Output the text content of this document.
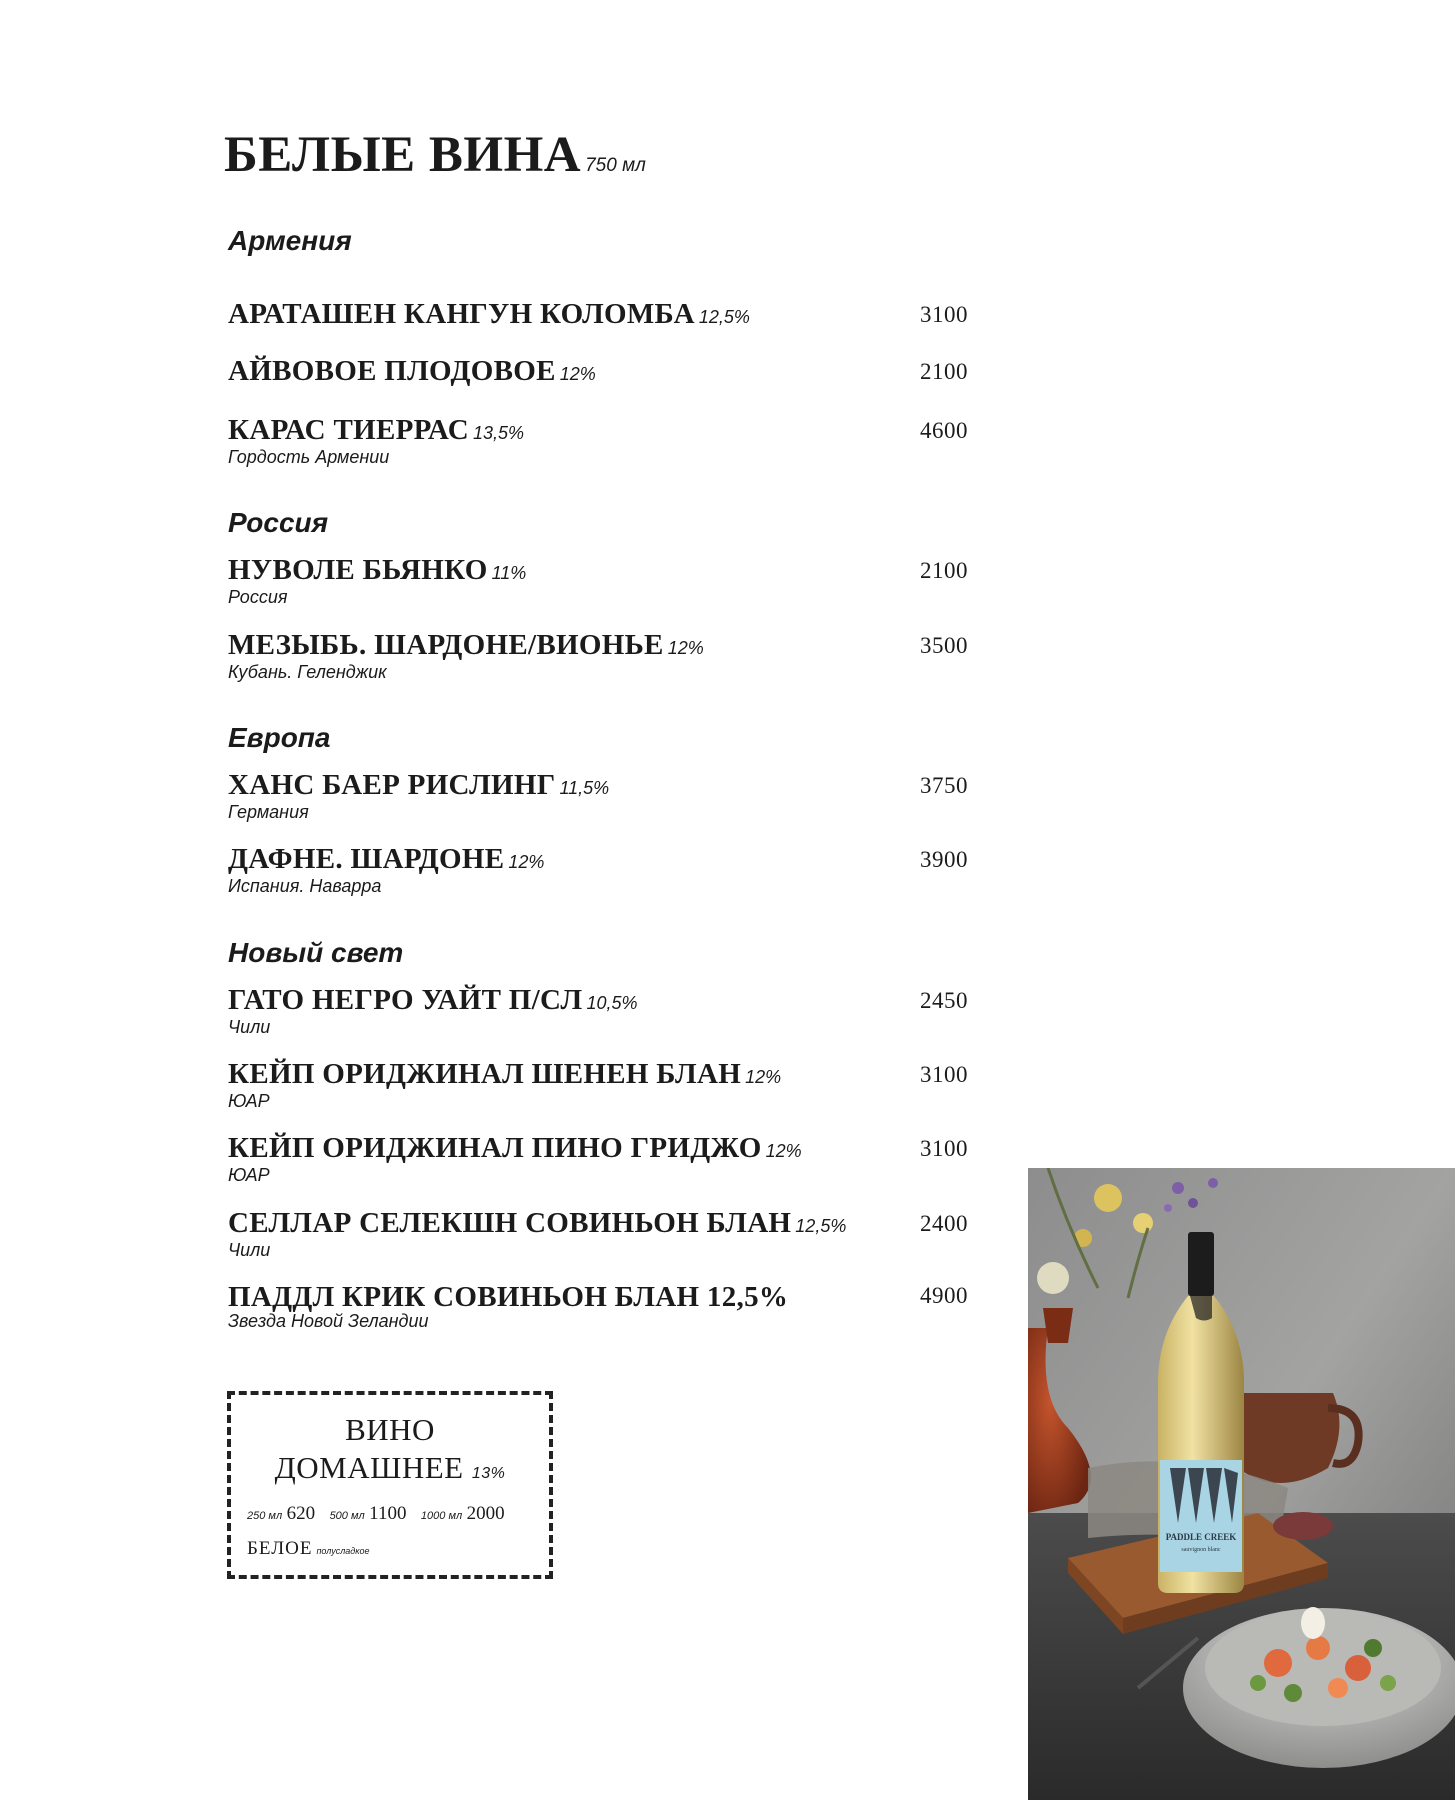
БЕЛЫЕ ВИНА 750 мл
Армения
АРАТАШЕН КАНГУН КОЛОМБА 12,5%	3100
АЙВОВОЕ ПЛОДОВОЕ 12%	2100
КАРАС ТИЕРРАС 13,5%
Гордость Армении
4600
Россия
НУВОЛЕ БЬЯНКО 11%
Россия
2100
МЕЗЫБЬ. ШАРДОНЕ/ВИОНЬЕ 12%
Кубань. Геленджик
3500
Европа
ХАНС БАЕР РИСЛИНГ 11,5%
Германия
3750
ДАФНЕ. ШАРДОНЕ 12%
Испания. Наварра
3900
Новый свет
ГАТО НЕГРО УАЙТ П/СЛ 10,5%
Чили
2450
КЕЙП ОРИДЖИНАЛ ШЕНЕН БЛАН 12%
ЮАР
3100
КЕЙП ОРИДЖИНАЛ ПИНО ГРИДЖО 12%
ЮАР
3100
СЕЛЛАР СЕЛЕКШН СОВИНЬОН БЛАН 12,5%
Чили
2400
ПАДДЛ КРИК СОВИНЬОН БЛАН 12,5%
Звезда Новой Зеландии
4900
ВИНО
ДОМАШНЕЕ 13%
250 мл 620 500 мл 1100 1000 мл 2000
БЕЛОЕ полусладкое
PADDLE CREEK
sauvignon blanc
